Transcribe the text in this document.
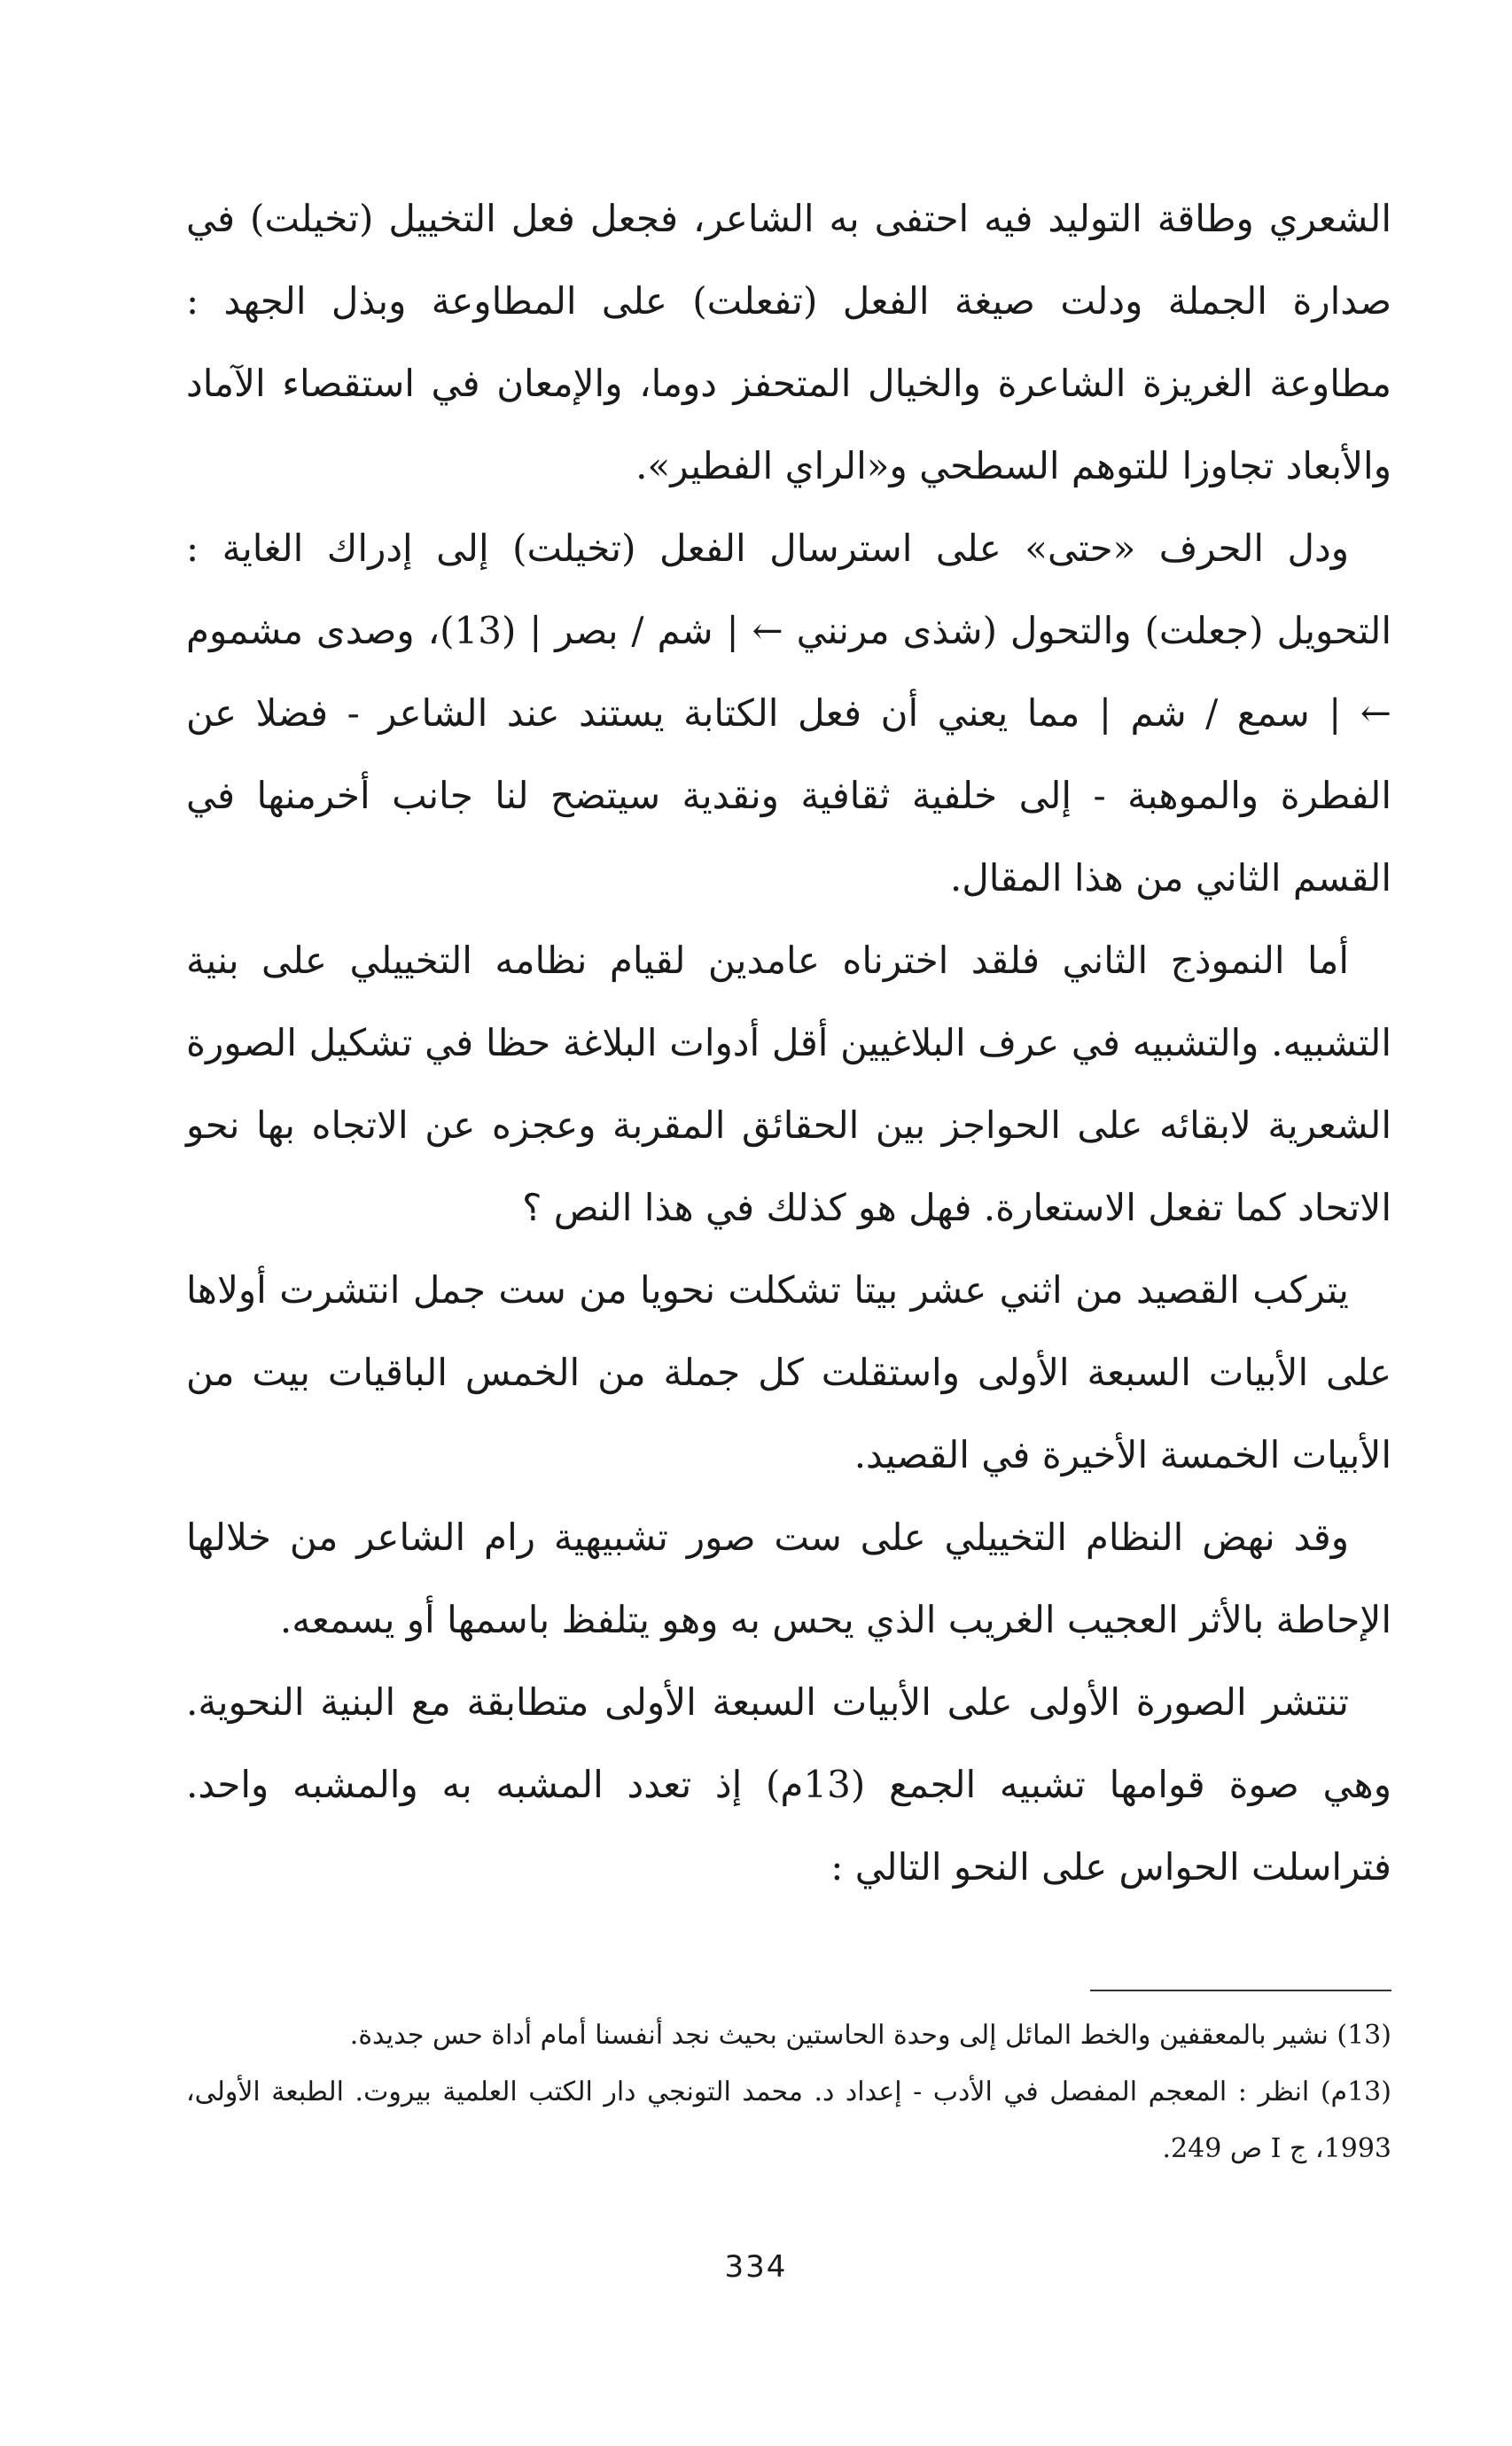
الشعري وطاقة التوليد فيه احتفى به الشاعر، فجعل فعل التخييل (تخيلت) في صدارة الجملة ودلت صيغة الفعل (تفعلت) على المطاوعة وبذل الجهد : مطاوعة الغريزة الشاعرة والخيال المتحفز دوما، والإمعان في استقصاء الآماد والأبعاد تجاوزا للتوهم السطحي و«الراي الفطير».

ودل الحرف «حتى» على استرسال الفعل (تخيلت) إلى إدراك الغاية : التحويل (جعلت) والتحول (شذى مرنني ← | شم / بصر | (13)، وصدى مشموم ← | سمع / شم | مما يعني أن فعل الكتابة يستند عند الشاعر - فضلا عن الفطرة والموهبة - إلى خلفية ثقافية ونقدية سيتضح لنا جانب أخرمنها في القسم الثاني من هذا المقال.

أما النموذج الثاني فلقد اخترناه عامدين لقيام نظامه التخييلي على بنية التشبيه. والتشبيه في عرف البلاغيين أقل أدوات البلاغة حظا في تشكيل الصورة الشعرية لابقائه على الحواجز بين الحقائق المقربة وعجزه عن الاتجاه بها نحو الاتحاد كما تفعل الاستعارة. فهل هو كذلك في هذا النص ؟

يتركب القصيد من اثني عشر بيتا تشكلت نحويا من ست جمل انتشرت أولاها على الأبيات السبعة الأولى واستقلت كل جملة من الخمس الباقيات بيت من الأبيات الخمسة الأخيرة في القصيد.

وقد نهض النظام التخييلي على ست صور تشبيهية رام الشاعر من خلالها الإحاطة بالأثر العجيب الغريب الذي يحس به وهو يتلفظ باسمها أو يسمعه.

تنتشر الصورة الأولى على الأبيات السبعة الأولى متطابقة مع البنية النحوية. وهي صوة قوامها تشبيه الجمع (13م) إذ تعدد المشبه به والمشبه واحد. فتراسلت الحواس على النحو التالي :

(13) نشير بالمعقفين والخط المائل إلى وحدة الحاستين بحيث نجد أنفسنا أمام أداة حس جديدة.

(13م) انظر : المعجم المفصل في الأدب - إعداد د. محمد التونجي دار الكتب العلمية بيروت. الطبعة الأولى، 1993، ج I ص 249.

334
